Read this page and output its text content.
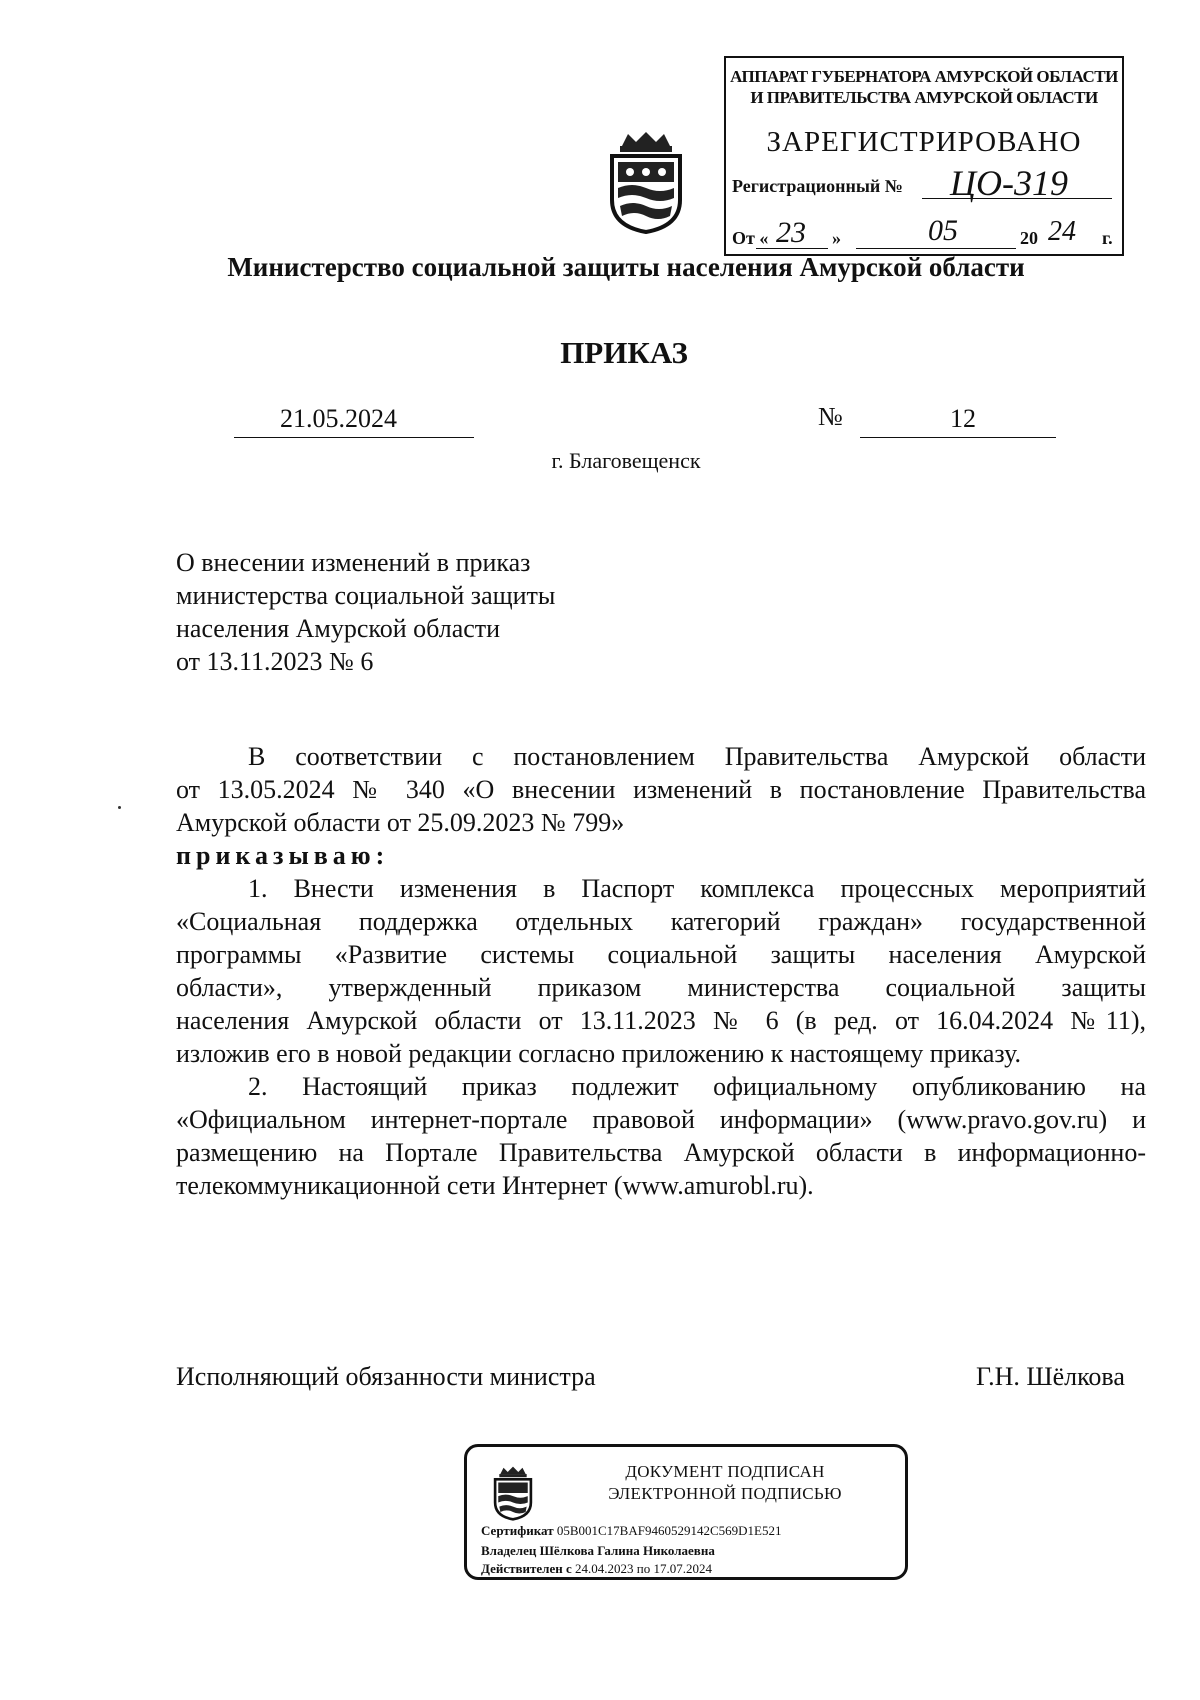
АППАРАТ ГУБЕРНАТОРА АМУРСКОЙ ОБЛАСТИ
И ПРАВИТЕЛЬСТВА АМУРСКОЙ ОБЛАСТИ
ЗАРЕГИСТРИРОВАНО
Регистрационный № ЦО-319
От « 23 »	05	20 24 г.
Министерство социальной защиты населения Амурской области
ПРИКАЗ
21.05.2024	№	12
г. Благовещенск
О внесении изменений в приказ
министерства социальной защиты
населения Амурской области
от 13.11.2023 № 6
В соответствии с постановлением Правительства Амурской области
от 13.05.2024 № 340 «О внесении изменений в постановление Правительства
Амурской области от 25.09.2023 № 799»
приказываю:
1. Внести изменения в Паспорт комплекса процессных мероприятий
«Социальная поддержка отдельных категорий граждан» государственной
программы «Развитие системы социальной защиты населения Амурской
области», утвержденный приказом министерства социальной защиты
населения Амурской области от 13.11.2023 № 6 (в ред. от 16.04.2024 №11),
изложив его в новой редакции согласно приложению к настоящему приказу.
2. Настоящий приказ подлежит официальному опубликованию на
«Официальном интернет-портале правовой информации» (www.pravo.gov.ru) и
размещению на Портале Правительства Амурской области в информационно-
телекоммуникационной сети Интернет (www.amurobl.ru).
Исполняющий обязанности министра	Г.Н. Шёлкова
ДОКУМЕНТ ПОДПИСАН
ЭЛЕКТРОННОЙ ПОДПИСЬЮ
Сертификат 05B001C17BAF9460529142C569D1E521
Владелец Шёлкова Галина Николаевна
Действителен с 24.04.2023 по 17.07.2024
